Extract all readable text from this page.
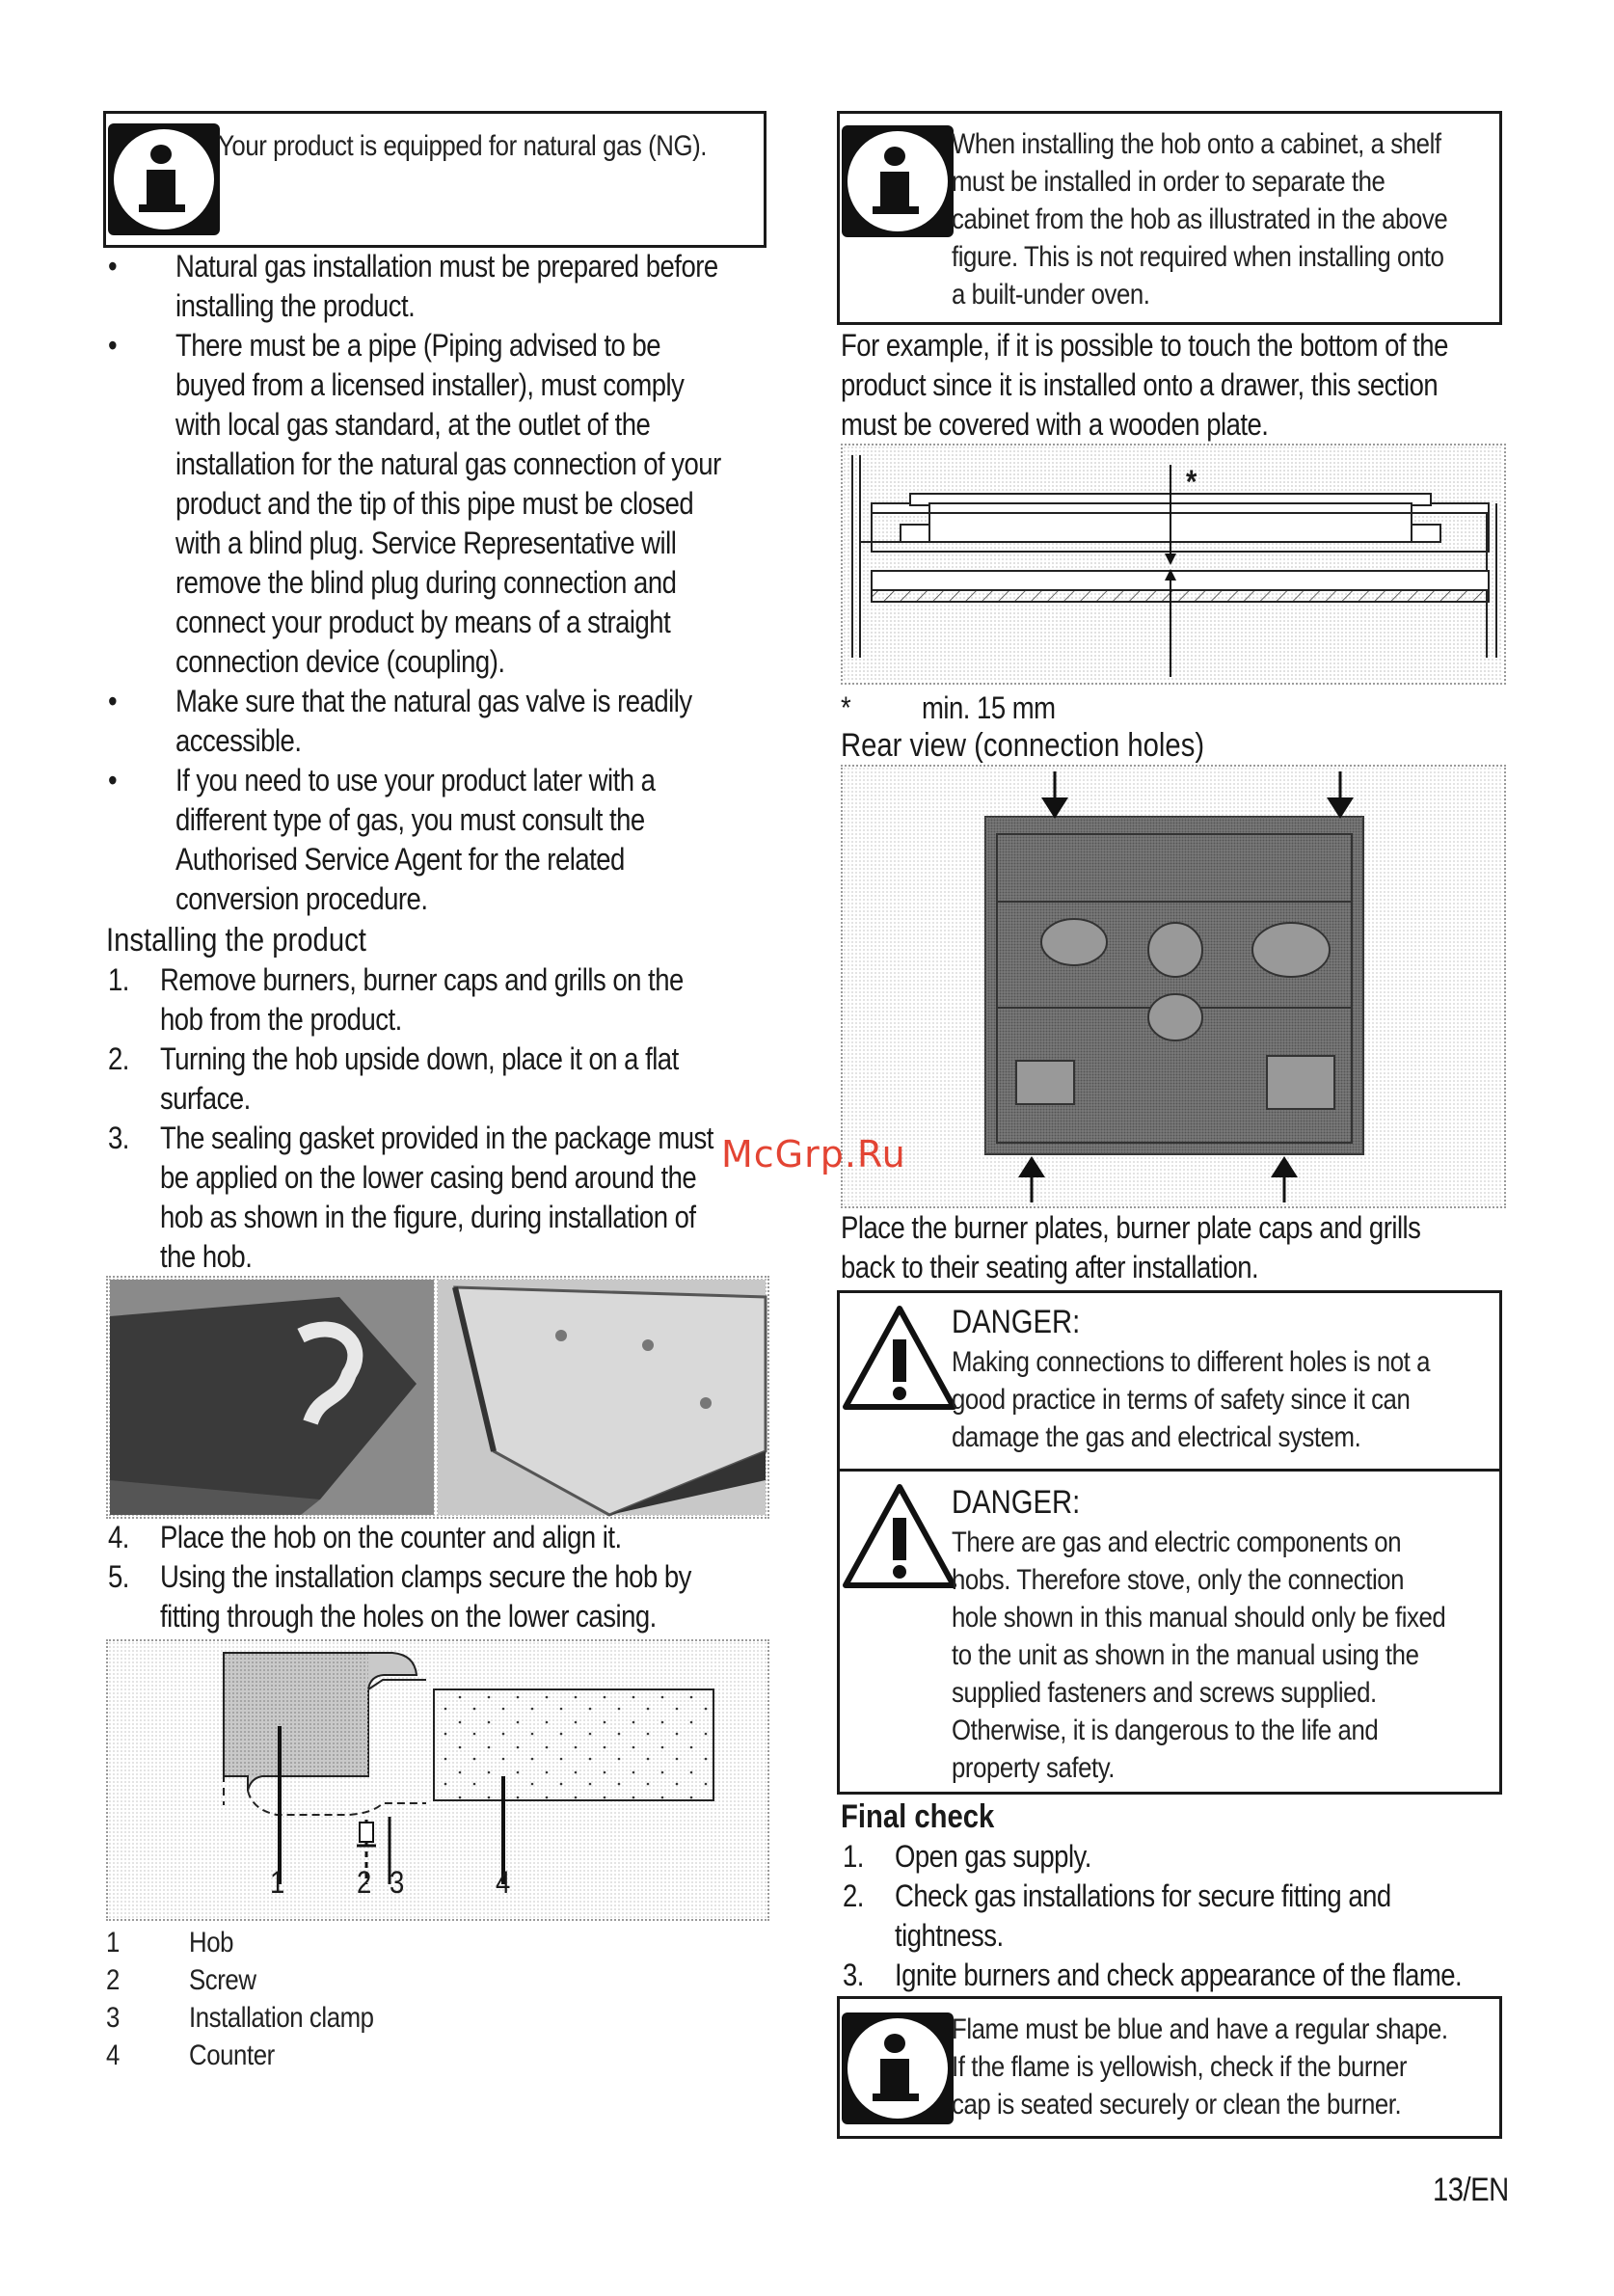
Your product is equipped for natural gas (NG).
• Natural gas installation must be prepared before
installing the product.
• There must be a pipe (Piping advised to be
buyed from a licensed installer), must comply
with local gas standard, at the outlet of the
installation for the natural gas connection of your
product and the tip of this pipe must be closed
with a blind plug. Service Representative will
remove the blind plug during connection and
connect your product by means of a straight
connection device (coupling).
• Make sure that the natural gas valve is readily
accessible.
• If you need to use your product later with a
different type of gas, you must consult the
Authorised Service Agent for the related
conversion procedure.
Installing the product
1. Remove burners, burner caps and grills on the
hob from the product.
2. Turning the hob upside down, place it on a flat
surface.
3. The sealing gasket provided in the package must
be applied on the lower casing bend around the
hob as shown in the figure, during installation of
the hob.
4. Place the hob on the counter and align it.
5. Using the installation clamps secure the hob by
fitting through the holes on the lower casing.
1 2 3	4
1 Hob
2 Screw
3 Installation clamp
4 Counter
When installing the hob onto a cabinet, a shelf
must be installed in order to separate the
cabinet from the hob as illustrated in the above
figure. This is not required when installing onto
a built-under oven.
For example, if it is possible to touch the bottom of the
product since it is installed onto a drawer, this section
must be covered with a wooden plate.
*
* min. 15 mm
Rear view (connection holes)
McGrp.Ru
Place the burner plates, burner plate caps and grills
back to their seating after installation.
DANGER:
Making connections to different holes is not a
good practice in terms of safety since it can
damage the gas and electrical system.
DANGER:
There are gas and electric components on
hobs. Therefore stove, only the connection
hole shown in this manual should only be fixed
to the unit as shown in the manual using the
supplied fasteners and screws supplied.
Otherwise, it is dangerous to the life and
property safety.
Final check
1. Open gas supply.
2. Check gas installations for secure fitting and
tightness.
3. Ignite burners and check appearance of the flame.
Flame must be blue and have a regular shape.
If the flame is yellowish, check if the burner
cap is seated securely or clean the burner.
13/EN
